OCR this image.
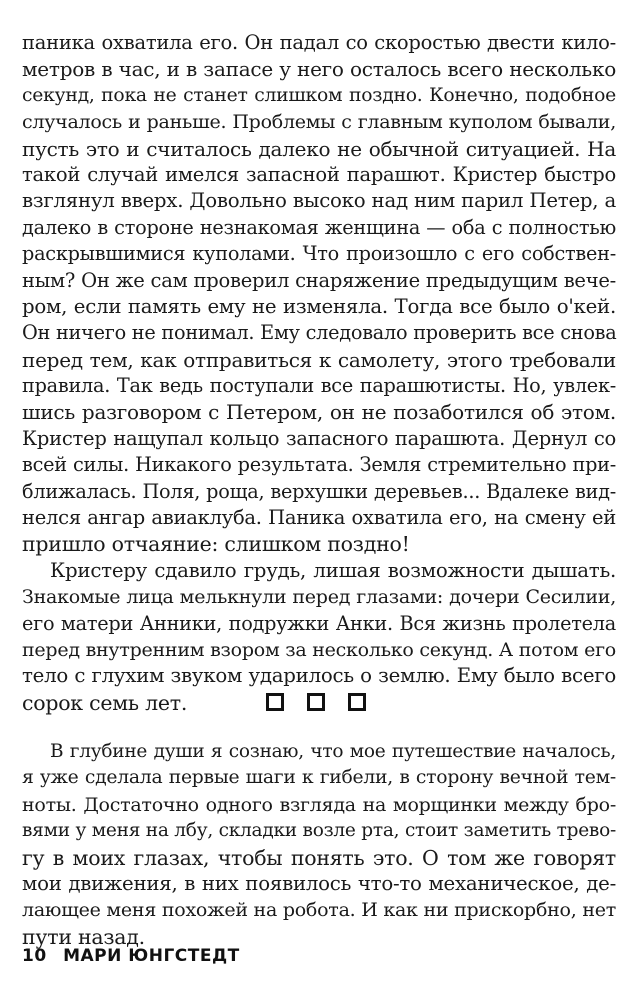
паника охватила его. Он падал со скоростью двести кило-
метров в час, и в запасе у него осталось всего несколько
секунд, пока не станет слишком поздно. Конечно, подобное
случалось и раньше. Проблемы с главным куполом бывали,
пусть это и считалось далеко не обычной ситуацией. На
такой случай имелся запасной парашют. Кристер быстро
взглянул вверх. Довольно высоко над ним парил Петер, а
далеко в стороне незнакомая женщина — оба с полностью
раскрывшимися куполами. Что произошло с его собствен-
ным? Он же сам проверил снаряжение предыдущим вече-
ром, если память ему не изменяла. Тогда все было о'кей.
Он ничего не понимал. Ему следовало проверить все снова
перед тем, как отправиться к самолету, этого требовали
правила. Так ведь поступали все парашютисты. Но, увлек-
шись разговором с Петером, он не позаботился об этом.
Кристер нащупал кольцо запасного парашюта. Дернул со
всей силы. Никакого результата. Земля стремительно при-
ближалась. Поля, роща, верхушки деревьев... Вдалеке вид-
нелся ангар авиаклуба. Паника охватила его, на смену ей
пришло отчаяние: слишком поздно!
Кристеру сдавило грудь, лишая возможности дышать.
Знакомые лица мелькнули перед глазами: дочери Сесилии,
его матери Анники, подружки Анки. Вся жизнь пролетела
перед внутренним взором за несколько секунд. А потом его
тело с глухим звуком ударилось о землю. Ему было всего
сорок семь лет.

В глубине души я сознаю, что мое путешествие началось,
я уже сделала первые шаги к гибели, в сторону вечной тем-
ноты. Достаточно одного взгляда на морщинки между бро-
вями у меня на лбу, складки возле рта, стоит заметить трево-
гу в моих глазах, чтобы понять это. О том же говорят
мои движения, в них появилось что-то механическое, де-
лающее меня похожей на робота. И как ни прискорбно, нет
пути назад.
10 МАРИ ЮНГСТЕДТ
